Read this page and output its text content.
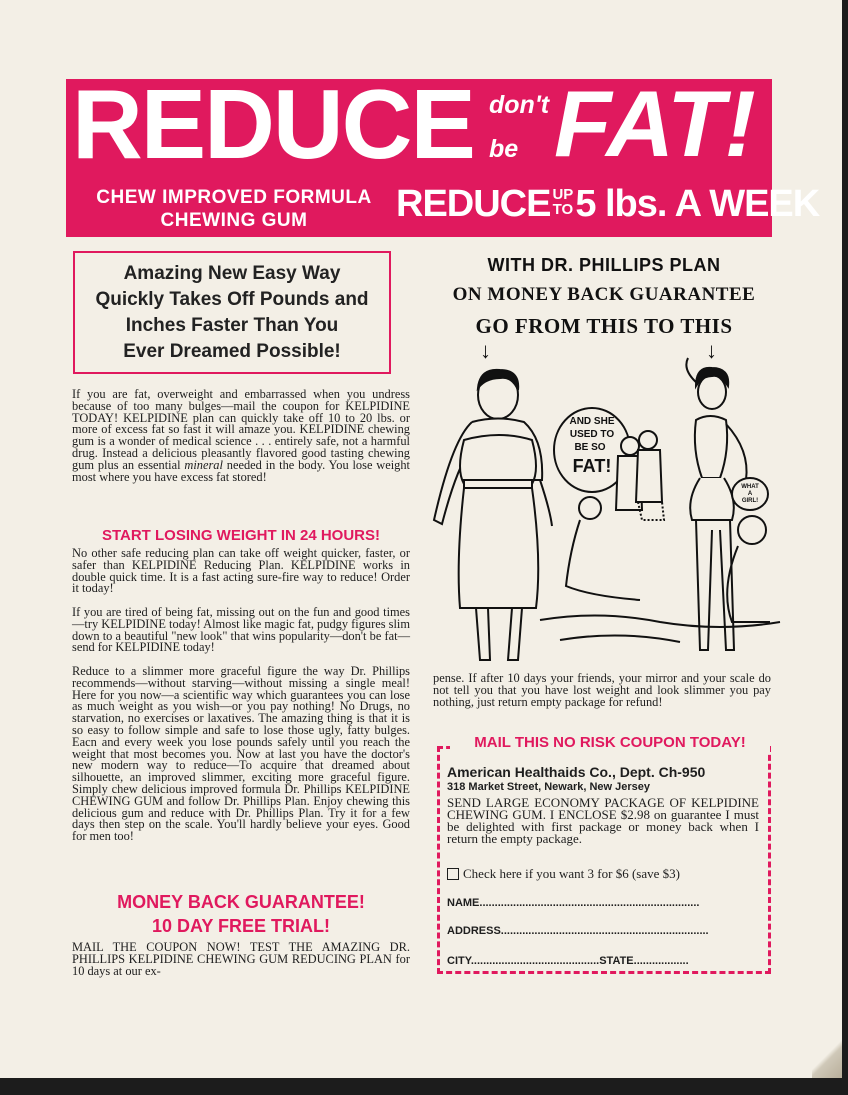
REDUCE don't
be FAT!
CHEW IMPROVED FORMULA
CHEWING GUM	REDUCE UP
TO5 lbs. A WEEK
Amazing New Easy Way
Quickly Takes Off Pounds and
Inches Faster Than You
Ever Dreamed Possible!

If you are fat, overweight and embarrassed when you undress because of too many bulges—mail the coupon for KELPIDINE TODAY! KELPIDINE plan can quickly take off 10 to 20 lbs. or more of excess fat so fast it will amaze you. KELPIDINE chewing gum is a wonder of medical science . . . entirely safe, not a harmful drug. Instead a delicious pleasantly flavored good tasting chewing gum plus an essential mineral needed in the body. You lose weight most where you have excess fat stored!

START LOSING WEIGHT IN 24 HOURS!

No other safe reducing plan can take off weight quicker, faster, or safer than KELPIDINE Reducing Plan. KELPIDINE works in double quick time. It is a fast acting sure-fire way to reduce! Order it today!

If you are tired of being fat, missing out on the fun and good times—try KELPIDINE today! Almost like magic fat, pudgy figures slim down to a beautiful "new look" that wins popularity—don't be fat—send for KELPIDINE today!

Reduce to a slimmer more graceful figure the way Dr. Phillips recommends—without starving—without missing a single meal! Here for you now—a scientific way which guarantees you can lose as much weight as you wish—or you pay nothing! No Drugs, no starvation, no exercises or laxatives. The amazing thing is that it is so easy to follow simple and safe to lose those ugly, fatty bulges. Eacn and every week you lose pounds safely until you reach the weight that most becomes you. Now at last you have the doctor's new modern way to reduce—To acquire that dreamed about silhouette, an improved slimmer, exciting more graceful figure. Simply chew delicious improved formula Dr. Phillips KELPIDINE CHEWING GUM and follow Dr. Phillips Plan. Enjoy chewing this delicious gum and reduce with Dr. Phillips Plan. Try it for a few days then step on the scale. You'll hardly believe your eyes. Good for men too!

MONEY BACK GUARANTEE!
10 DAY FREE TRIAL!

MAIL THE COUPON NOW! TEST THE AMAZING DR. PHILLIPS KELPIDINE CHEWING GUM REDUCING PLAN for 10 days at our ex-

WITH DR. PHILLIPS PLAN
ON MONEY BACK GUARANTEE
GO FROM THIS TO THIS
↓	↓
AND SHE
USED TO
BE SO
FAT!
WHAT
A
GIRL!

pense. If after 10 days your friends, your mirror and your scale do not tell you that you have lost weight and look slimmer you pay nothing, just return empty package for refund!

MAIL THIS NO RISK COUPON TODAY!
American Healthaids Co., Dept. Ch-950
318 Market Street, Newark, New Jersey

SEND LARGE ECONOMY PACKAGE OF KELPIDINE CHEWING GUM. I ENCLOSE $2.98 on guarantee I must be delighted with first package or money back when I return the empty package.

Check here if you want 3 for $6 (save $3)
NAME........................................................................
ADDRESS....................................................................
CITY..........................................STATE..................
